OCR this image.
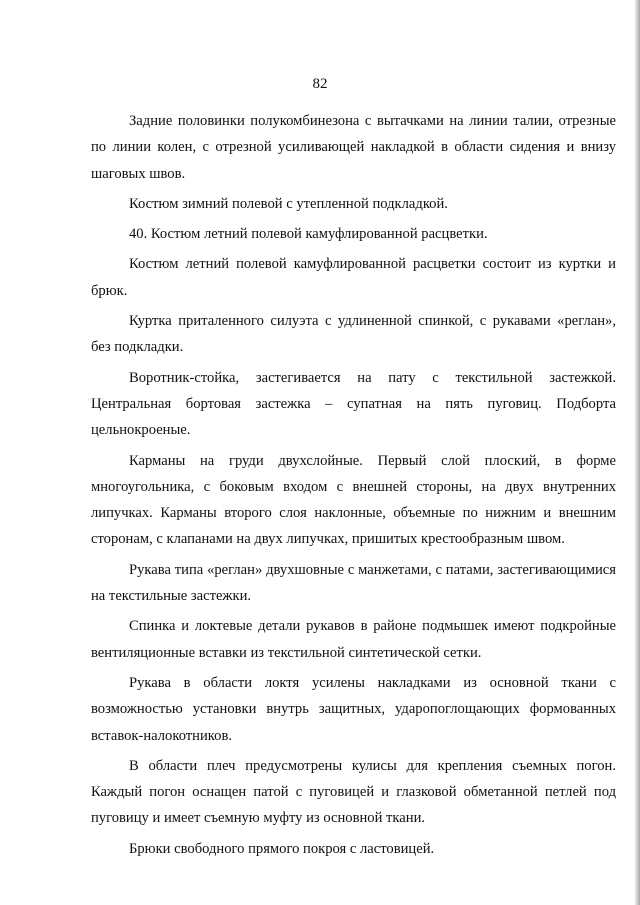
82

Задние половинки полукомбинезона с вытачками на линии талии, отрезные по линии колен, с отрезной усиливающей накладкой в области сидения и внизу шаговых швов.

Костюм зимний полевой с утепленной подкладкой.

40. Костюм летний полевой камуфлированной расцветки.

Костюм летний полевой камуфлированной расцветки состоит из куртки и брюк.

Куртка приталенного силуэта с удлиненной спинкой, с рукавами «реглан», без подкладки.

Воротник-стойка, застегивается на пату с текстильной застежкой. Центральная бортовая застежка – супатная на пять пуговиц. Подборта цельнокроеные.

Карманы на груди двухслойные. Первый слой плоский, в форме многоугольника, с боковым входом с внешней стороны, на двух внутренних липучках. Карманы второго слоя наклонные, объемные по нижним и внешним сторонам, с клапанами на двух липучках, пришитых крестообразным швом.

Рукава типа «реглан» двухшовные с манжетами, с патами, застегивающимися на текстильные застежки.

Спинка и локтевые детали рукавов в районе подмышек имеют подкройные вентиляционные вставки из текстильной синтетической сетки.

Рукава в области локтя усилены накладками из основной ткани с возможностью установки внутрь защитных, ударопоглощающих формованных вставок-налокотников.

В области плеч предусмотрены кулисы для крепления съемных погон. Каждый погон оснащен патой с пуговицей и глазковой обметанной петлей под пуговицу и имеет съемную муфту из основной ткани.

Брюки свободного прямого покроя с ластовицей.
